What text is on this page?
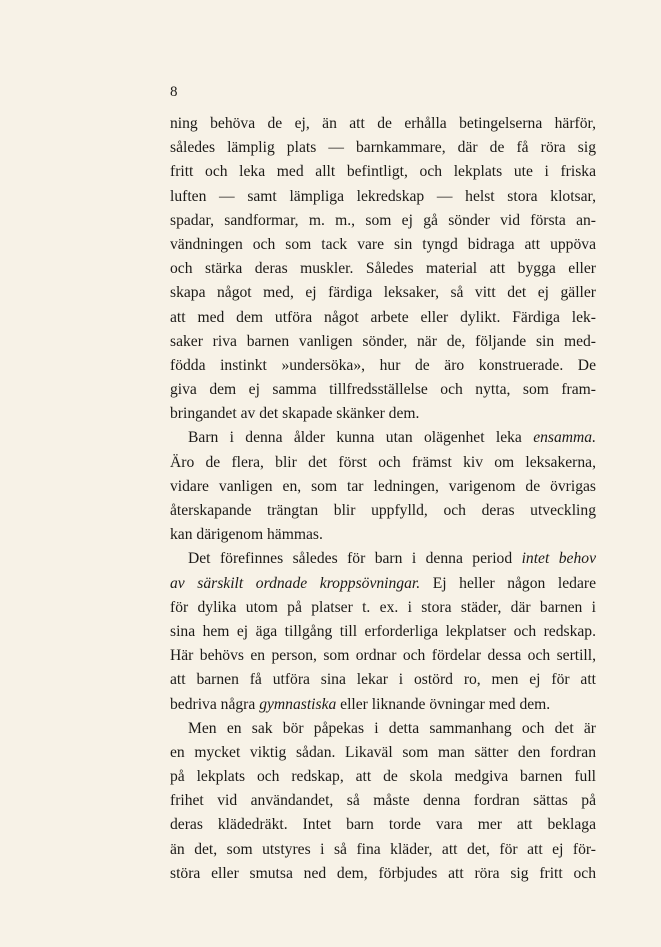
8
ning behöva de ej, än att de erhålla betingelserna härför,
således lämplig plats — barnkammare, där de få röra sig
fritt och leka med allt befintligt, och lekplats ute i friska
luften — samt lämpliga lekredskap — helst stora klotsar,
spadar, sandformar, m. m., som ej gå sönder vid första an-
vändningen och som tack vare sin tyngd bidraga att uppöva
och stärka deras muskler. Således material att bygga eller
skapa något med, ej färdiga leksaker, så vitt det ej gäller
att med dem utföra något arbete eller dylikt. Färdiga lek-
saker riva barnen vanligen sönder, när de, följande sin med-
födda instinkt »undersöka», hur de äro konstruerade. De
giva dem ej samma tillfredsställelse och nytta, som fram-
bringandet av det skapade skänker dem.
Barn i denna ålder kunna utan olägenhet leka ensamma.
Äro de flera, blir det först och främst kiv om leksakerna,
vidare vanligen en, som tar ledningen, varigenom de övrigas
återskapande trängtan blir uppfylld, och deras utveckling
kan därigenom hämmas.
Det förefinnes således för barn i denna period intet behov
av särskilt ordnade kroppsövningar. Ej heller någon ledare
för dylika utom på platser t. ex. i stora städer, där barnen i
sina hem ej äga tillgång till erforderliga lekplatser och redskap.
Här behövs en person, som ordnar och fördelar dessa och sertill,
att barnen få utföra sina lekar i ostörd ro, men ej för att
bedriva några gymnastiska eller liknande övningar med dem.
Men en sak bör påpekas i detta sammanhang och det är
en mycket viktig sådan. Likaväl som man sätter den fordran
på lekplats och redskap, att de skola medgiva barnen full
frihet vid användandet, så måste denna fordran sättas på
deras klädedräkt. Intet barn torde vara mer att beklaga
än det, som utstyres i så fina kläder, att det, för att ej för-
störa eller smutsa ned dem, förbjudes att röra sig fritt och
